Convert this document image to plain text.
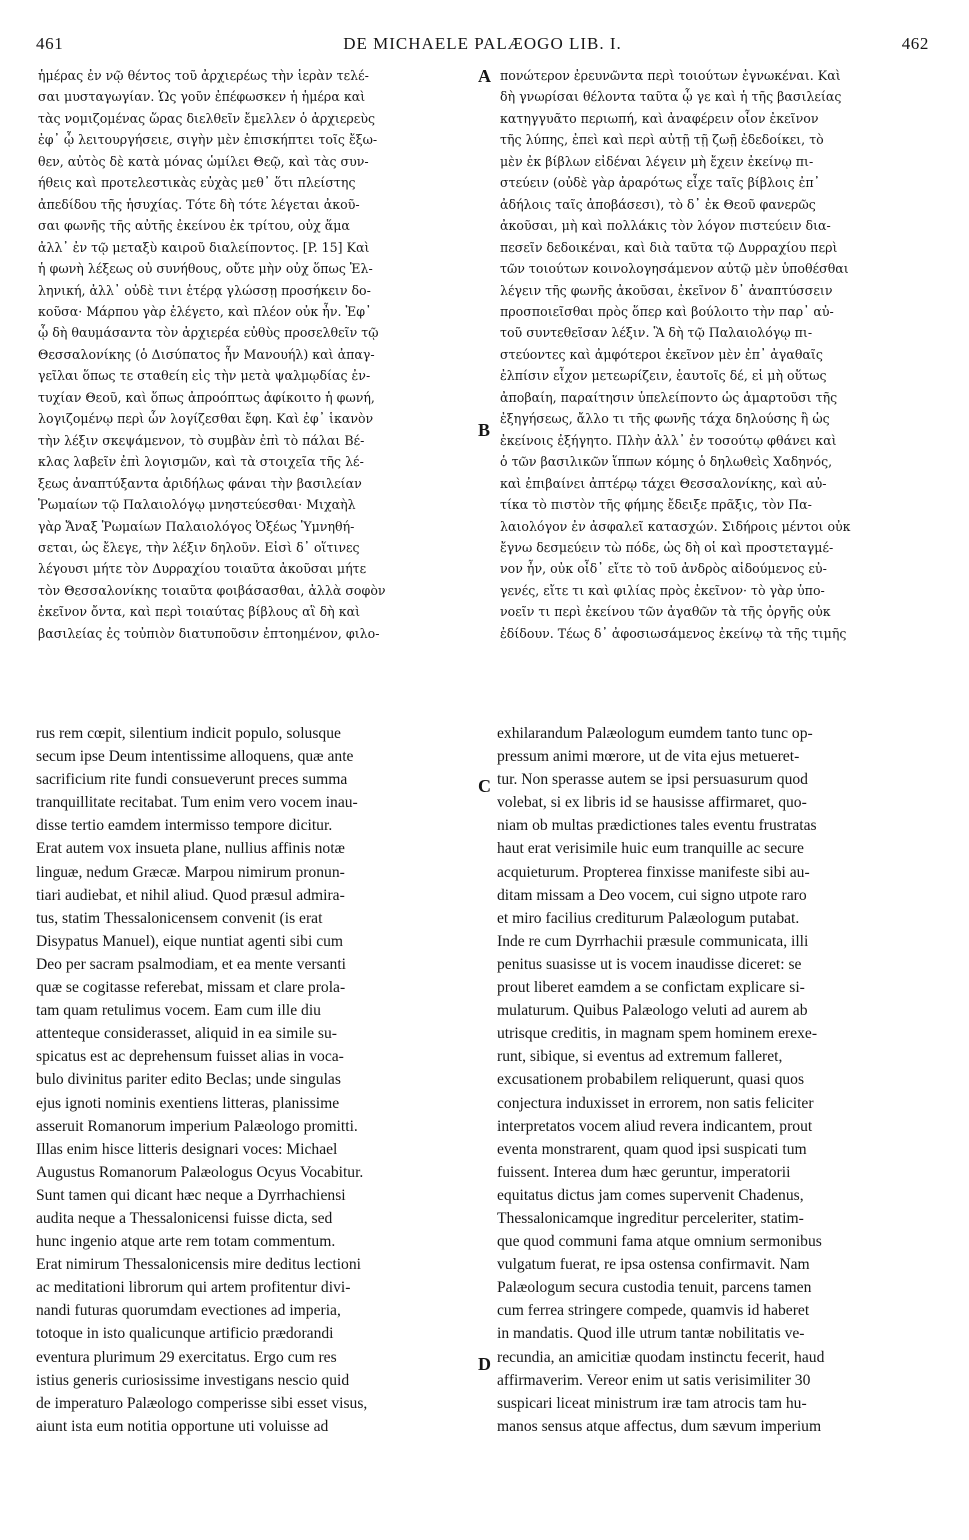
461	DE MICHAELE PALÆOGO LIB. I.	462
ἡμέρας ἐν νῷ θέντος τοῦ ἀρχιερέως τὴν ἱερὰν τελέ-
σαι μυσταγωγίαν. Ὡς γοῦν ἐπέφωσκεν ἡ ἡμέρα καὶ
τὰς νομιζομένας ὥρας διελθεῖν ἔμελλεν ὁ ἀρχιερεὺς
ἐφ᾽ ᾧ λειτουργήσειε, σιγὴν μὲν ἐπισκήπτει τοῖς ἔξω-
θεν, αὐτὸς δὲ κατὰ μόνας ὡμίλει Θεῷ, καὶ τὰς συν-
ήθεις καὶ προτελεστικὰς εὐχὰς μεθ᾽ ὅτι πλείστης
ἀπεδίδου τῆς ἡσυχίας. Τότε δὴ τότε λέγεται ἀκοῦ-
σαι φωνῆς τῆς αὐτῆς ἐκείνου ἐκ τρίτου, οὐχ ἅμα
ἀλλ᾽ ἐν τῷ μεταξὺ καιροῦ διαλείποντος. [P. 15] Καὶ
ἡ φωνὴ λέξεως οὐ συνήθους, οὔτε μὴν οὐχ ὅπως Ἑλ-
ληνική, ἀλλ᾽ οὐδὲ τινι ἑτέρᾳ γλώσσῃ προσήκειν δο-
κοῦσα· Μάρπου γὰρ ἐλέγετο, καὶ πλέον οὐκ ἦν. Ἐφ᾽
ᾧ δὴ θαυμάσαντα τὸν ἀρχιερέα εὐθὺς προσελθεῖν τῷ
Θεσσαλονίκης (ὁ Δισύπατος ἦν Μανουήλ) καὶ ἀπαγ-
γεῖλαι ὅπως τε σταθείη εἰς τὴν μετὰ ψαλμῳδίας ἐν-
τυχίαν Θεοῦ, καὶ ὅπως ἀπροόπτως ἀφίκοιτο ἡ φωνή,
λογιζομένῳ περὶ ὧν λογίζεσθαι ἔφη. Καὶ ἐφ᾽ ἱκανὸν
τὴν λέξιν σκεψάμενον, τὸ συμβὰν ἐπὶ τὸ πάλαι Βέ-
κλας λαβεῖν ἐπὶ λογισμῶν, καὶ τὰ στοιχεῖα τῆς λέ-
ξεως ἀναπτύξαντα ἀριδήλως φάναι τὴν βασιλείαν
Ῥωμαίων τῷ Παλαιολόγῳ μνηστεύεσθαι· Μιχαὴλ
γὰρ Ἄναξ Ῥωμαίων Παλαιολόγος Ὀξέως Ὑμνηθή-
σεται, ὡς ἔλεγε, τὴν λέξιν δηλοῦν. Εἰσὶ δ᾽ οἵτινες
λέγουσι μήτε τὸν Δυρραχίου τοιαῦτα ἀκοῦσαι μήτε
τὸν Θεσσαλονίκης τοιαῦτα φοιβάσασθαι, ἀλλὰ σοφὸν
ἐκεῖνον ὄντα, καὶ περὶ τοιαύτας βίβλους αἳ δὴ καὶ
βασιλείας ἐς τοὐπιὸν διατυποῦσιν ἐπτοημένον, φιλο-
πονώτερον ἐρευνῶντα περὶ τοιούτων ἐγνωκέναι. Καὶ
δὴ γνωρίσαι θέλοντα ταῦτα ᾧ γε καὶ ἡ τῆς βασιλείας
κατηγγυᾶτο περιωπή, καὶ ἀναφέρειν οἷον ἐκεῖνον
τῆς λύπης, ἐπεὶ καὶ περὶ αὐτῇ τῇ ζωῇ ἐδεδοίκει, τὸ
μὲν ἐκ βίβλων εἰδέναι λέγειν μὴ ἔχειν ἐκείνῳ πι-
στεύειν (οὐδὲ γὰρ ἀραρότως εἶχε ταῖς βίβλοις ἐπ᾽
ἀδήλοις ταῖς ἀποβάσεσι), τὸ δ᾽ ἐκ Θεοῦ φανερῶς
ἀκοῦσαι, μὴ καὶ πολλάκις τὸν λόγον πιστεύειν δια-
πεσεῖν δεδοικέναι, καὶ διὰ ταῦτα τῷ Δυρραχίου περὶ
τῶν τοιούτων κοινολογησάμενον αὐτῷ μὲν ὑποθέσθαι
λέγειν τῆς φωνῆς ἀκοῦσαι, ἐκεῖνον δ᾽ ἀναπτύσσειν
προσποιεῖσθαι πρὸς ὅπερ καὶ βούλοιτο τὴν παρ᾽ αὐ-
τοῦ συντεθεῖσαν λέξιν. Ἃ δὴ τῷ Παλαιολόγῳ πι-
στεύοντες καὶ ἀμφότεροι ἐκεῖνον μὲν ἐπ᾽ ἀγαθαῖς
ἐλπίσιν εἶχον μετεωρίζειν, ἑαυτοῖς δέ, εἰ μὴ οὕτως
ἀποβαίη, παραίτησιν ὑπελείποντο ὡς ἁμαρτοῦσι τῆς
ἐξηγήσεως, ἄλλο τι τῆς φωνῆς τάχα δηλούσης ἢ ὡς
ἐκείνοις ἐξήγητο. Πλὴν ἀλλ᾽ ἐν τοσούτῳ φθάνει καὶ
ὁ τῶν βασιλικῶν ἵππων κόμης ὁ δηλωθεὶς Χαδηνός,
καὶ ἐπιβαίνει ἀπτέρῳ τάχει Θεσσαλονίκης, καὶ αὐ-
τίκα τὸ πιστὸν τῆς φήμης ἔδειξε πρᾶξις, τὸν Πα-
λαιολόγον ἐν ἀσφαλεῖ κατασχών. Σιδήροις μέντοι οὐκ
ἔγνω δεσμεύειν τὼ πόδε, ὡς δὴ οἱ καὶ προστεταγμέ-
νον ἦν, οὐκ οἶδ᾽ εἴτε τὸ τοῦ ἀνδρὸς αἰδούμενος εὐ-
γενές, εἴτε τι καὶ φιλίας πρὸς ἐκεῖνον· τὸ γὰρ ὑπο-
νοεῖν τι περὶ ἐκείνου τῶν ἀγαθῶν τὰ τῆς ὀργῆς οὐκ
ἐδίδουν. Τέως δ᾽ ἀφοσιωσάμενος ἐκείνῳ τὰ τῆς τιμῆς
rus rem cœpit, silentium indicit populo, solusque
secum ipse Deum intentissime alloquens, quæ ante
sacrificium rite fundi consueverunt preces summa
tranquillitate recitabat. Tum enim vero vocem inau-
disse tertio eamdem intermisso tempore dicitur.
Erat autem vox insueta plane, nullius affinis notæ
linguæ, nedum Græcæ. Marpou nimirum pronun-
tiari audiebat, et nihil aliud. Quod præsul admira-
tus, statim Thessalonicensem convenit (is erat
Disypatus Manuel), eique nuntiat agenti sibi cum
Deo per sacram psalmodiam, et ea mente versanti
quæ se cogitasse referebat, missam et clare prola-
tam quam retulimus vocem. Eam cum ille diu
attenteque considerasset, aliquid in ea simile su-
spicatus est ac deprehensum fuisset alias in voca-
bulo divinitus pariter edito Beclas; unde singulas
ejus ignoti nominis exentiens litteras, planissime
asseruit Romanorum imperium Palæologo promitti.
Illas enim hisce litteris designari voces: Michael
Augustus Romanorum Palæologus Ocyus Vocabitur.
Sunt tamen qui dicant hæc neque a Dyrrhachiensi
audita neque a Thessalonicensi fuisse dicta, sed
hunc ingenio atque arte rem totam commentum.
Erat nimirum Thessalonicensis mire deditus lectioni
ac meditationi librorum qui artem profitentur divi-
nandi futuras quorumdam evectiones ad imperia,
totoque in isto qualicunque artificio prædorandi
eventura plurimum 29 exercitatus. Ergo cum res
istius generis curiosissime investigans nescio quid
de imperaturo Palæologo comperisse sibi esset visus,
aiunt ista eum notitia opportune uti voluisse ad
exhilarandum Palæologum eumdem tanto tunc op-
pressum animi mœrore, ut de vita ejus metueret-
tur. Non sperasse autem se ipsi persuasurum quod
volebat, si ex libris id se hausisse affirmaret, quo-
niam ob multas prædictiones tales eventu frustratas
haut erat verisimile huic eum tranquille ac secure
acquieturum. Propterea finxisse manifeste sibi au-
ditam missam a Deo vocem, cui signo utpote raro
et miro facilius crediturum Palæologum putabat.
Inde re cum Dyrrhachii præsule communicata, illi
penitus suasisse ut is vocem inaudisse diceret: se
prout liberet eamdem a se confictam explicare si-
mulaturum. Quibus Palæologo veluti ad aurem ab
utrisque creditis, in magnam spem hominem erexe-
runt, sibique, si eventus ad extremum falleret,
excusationem probabilem reliquerunt, quasi quos
conjectura induxisset in errorem, non satis feliciter
interpretatos vocem aliud revera indicantem, prout
eventa monstrarent, quam quod ipsi suspicati tum
fuissent. Interea dum hæc geruntur, imperatorii
equitatus dictus jam comes supervenit Chadenus,
Thessalonicamque ingreditur perceleriter, statim-
que quod communi fama atque omnium sermonibus
vulgatum fuerat, re ipsa ostensa confirmavit. Nam
Palæologum secura custodia tenuit, parcens tamen
cum ferrea stringere compede, quamvis id haberet
in mandatis. Quod ille utrum tantæ nobilitatis ve-
recundia, an amicitiæ quodam instinctu fecerit, haud
affirmaverim. Vereor enim ut satis verisimiliter 30
suspicari liceat ministrum iræ tam atrocis tam hu-
manos sensus atque affectus, dum sævum imperium
A
B
C
D
